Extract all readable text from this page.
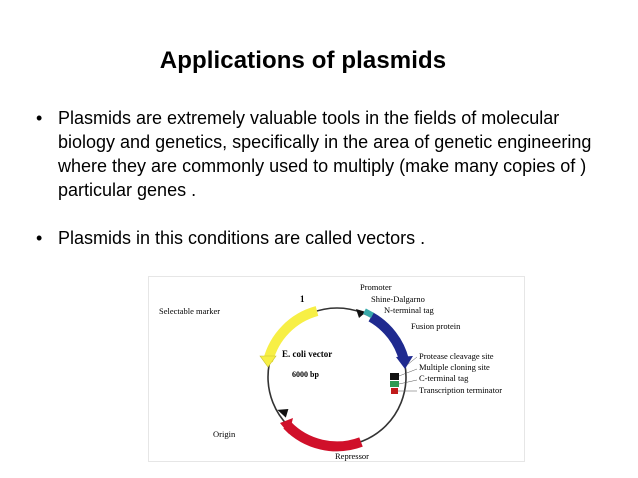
Applications of plasmids
• Plasmids are extremely valuable tools in the fields of molecular biology and genetics, specifically in the area of genetic engineering where they are commonly used to multiply (make many copies of ) particular genes .
• Plasmids in this conditions are called vectors .
1
Selectable marker
Promoter
Shine-Dalgarno
N-terminal tag
Fusion protein
Protease cleavage site
Multiple cloning site
C-terminal tag
Transcription terminator
Origin
Repressor
E. coli vector
6000 bp
